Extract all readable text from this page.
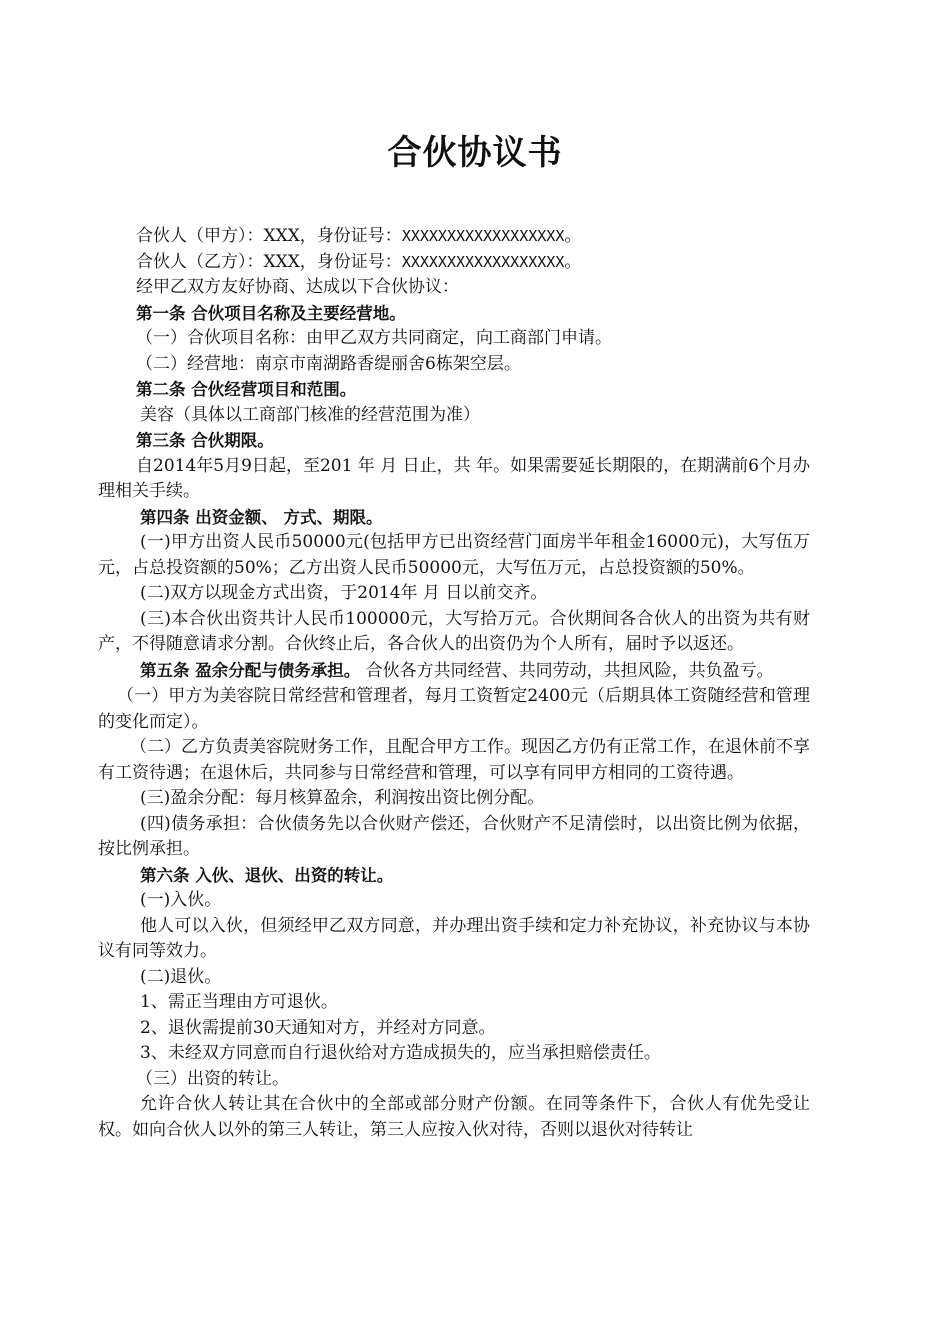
合伙协议书

合伙人（甲方）：XXX，身份证号：XXXXXXXXXXXXXXXXXX。

合伙人（乙方）：XXX，身份证号：XXXXXXXXXXXXXXXXXX。

经甲乙双方友好协商、达成以下合伙协议：

第一条 合伙项目名称及主要经营地。

（一）合伙项目名称：由甲乙双方共同商定，向工商部门申请。

（二）经营地：南京市南湖路香缇丽舍6栋架空层。

第二条 合伙经营项目和范围。

美容（具体以工商部门核准的经营范围为准）

第三条 合伙期限。

自2014年5月9日起，至201 年 月 日止，共 年。如果需要延长期限的，在期满前6个月办理相关手续。

第四条 出资金额、 方式、期限。

(一)甲方出资人民币50000元(包括甲方已出资经营门面房半年租金16000元)，大写伍万元，占总投资额的50%；乙方出资人民币50000元，大写伍万元，占总投资额的50%。

(二)双方以现金方式出资，于2014年 月 日以前交齐。

(三)本合伙出资共计人民币100000元，大写拾万元。合伙期间各合伙人的出资为共有财产，不得随意请求分割。合伙终止后，各合伙人的出资仍为个人所有，届时予以返还。

第五条 盈余分配与债务承担。 合伙各方共同经营、共同劳动，共担风险，共负盈亏。

（一）甲方为美容院日常经营和管理者，每月工资暂定2400元（后期具体工资随经营和管理的变化而定）。

（二）乙方负责美容院财务工作，且配合甲方工作。现因乙方仍有正常工作，在退休前不享有工资待遇；在退休后，共同参与日常经营和管理，可以享有同甲方相同的工资待遇。

(三)盈余分配：每月核算盈余，利润按出资比例分配。

(四)债务承担：合伙债务先以合伙财产偿还，合伙财产不足清偿时，以出资比例为依据，按比例承担。

第六条 入伙、退伙、出资的转让。

(一)入伙。

他人可以入伙，但须经甲乙双方同意，并办理出资手续和定力补充协议，补充协议与本协议有同等效力。

(二)退伙。

1、需正当理由方可退伙。

2、退伙需提前30天通知对方，并经对方同意。

3、未经双方同意而自行退伙给对方造成损失的，应当承担赔偿责任。

（三）出资的转让。

允许合伙人转让其在合伙中的全部或部分财产份额。在同等条件下，合伙人有优先受让权。如向合伙人以外的第三人转让，第三人应按入伙对待，否则以退伙对待转让
